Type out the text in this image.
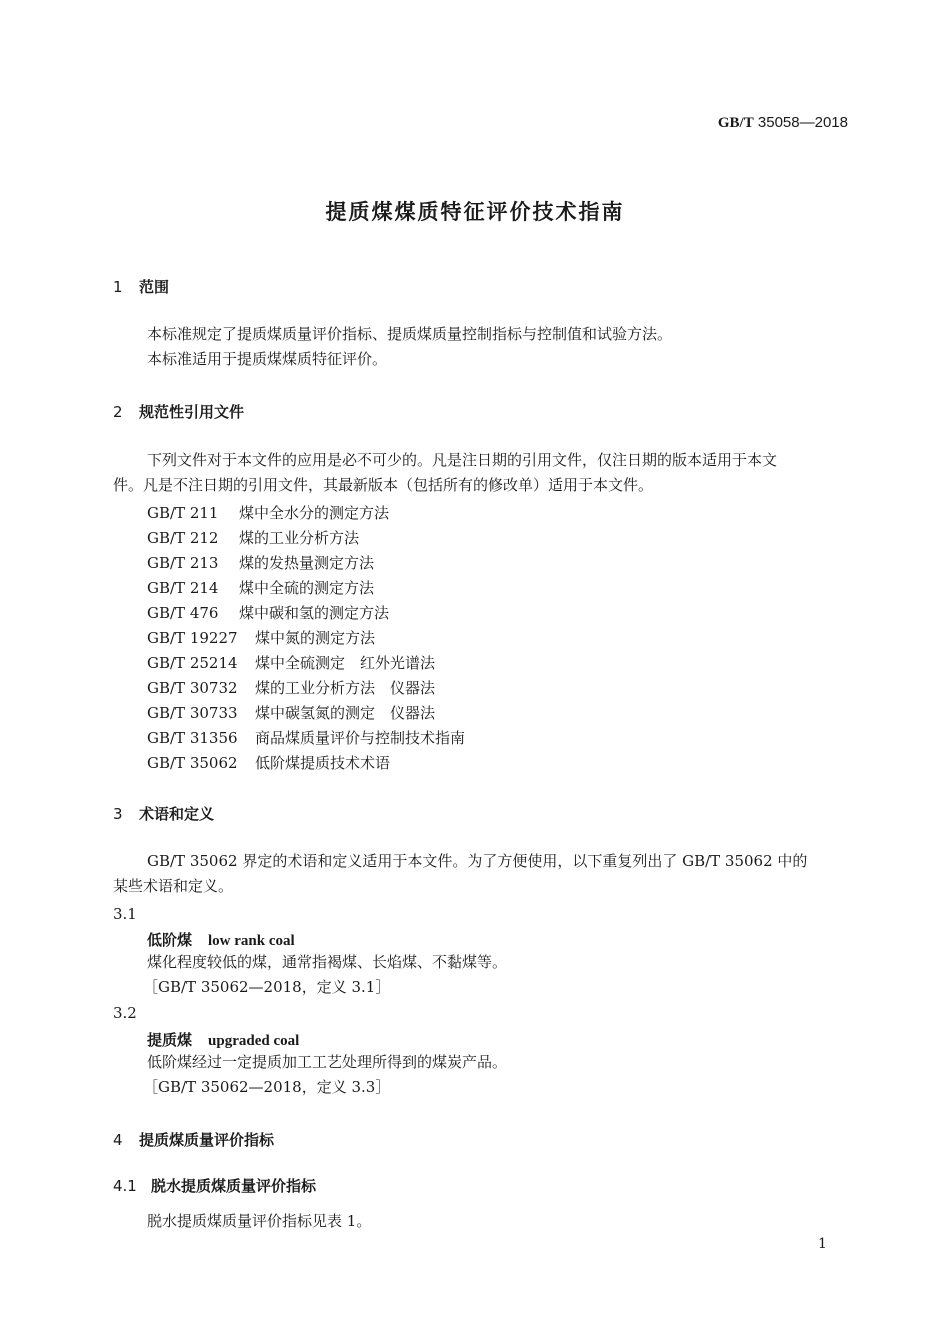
GB/T 35058—2018
提质煤煤质特征评价技术指南
1 范围
本标准规定了提质煤质量评价指标、提质煤质量控制指标与控制值和试验方法。
本标准适用于提质煤煤质特征评价。
2 规范性引用文件
下列文件对于本文件的应用是必不可少的。凡是注日期的引用文件，仅注日期的版本适用于本文
件。凡是不注日期的引用文件，其最新版本（包括所有的修改单）适用于本文件。
GB/T 211 煤中全水分的测定方法
GB/T 212 煤的工业分析方法
GB/T 213 煤的发热量测定方法
GB/T 214 煤中全硫的测定方法
GB/T 476 煤中碳和氢的测定方法
GB/T 19227 煤中氮的测定方法
GB/T 25214 煤中全硫测定　红外光谱法
GB/T 30732 煤的工业分析方法　仪器法
GB/T 30733 煤中碳氢氮的测定　仪器法
GB/T 31356 商品煤质量评价与控制技术指南
GB/T 35062 低阶煤提质技术术语
3 术语和定义
GB/T 35062 界定的术语和定义适用于本文件。为了方便使用，以下重复列出了 GB/T 35062 中的
某些术语和定义。
3.1
低阶煤 low rank coal
煤化程度较低的煤，通常指褐煤、长焰煤、不黏煤等。
［GB/T 35062—2018，定义 3.1］
3.2
提质煤 upgraded coal
低阶煤经过一定提质加工工艺处理所得到的煤炭产品。
［GB/T 35062—2018，定义 3.3］
4 提质煤质量评价指标
4.1 脱水提质煤质量评价指标
脱水提质煤质量评价指标见表 1。
1
